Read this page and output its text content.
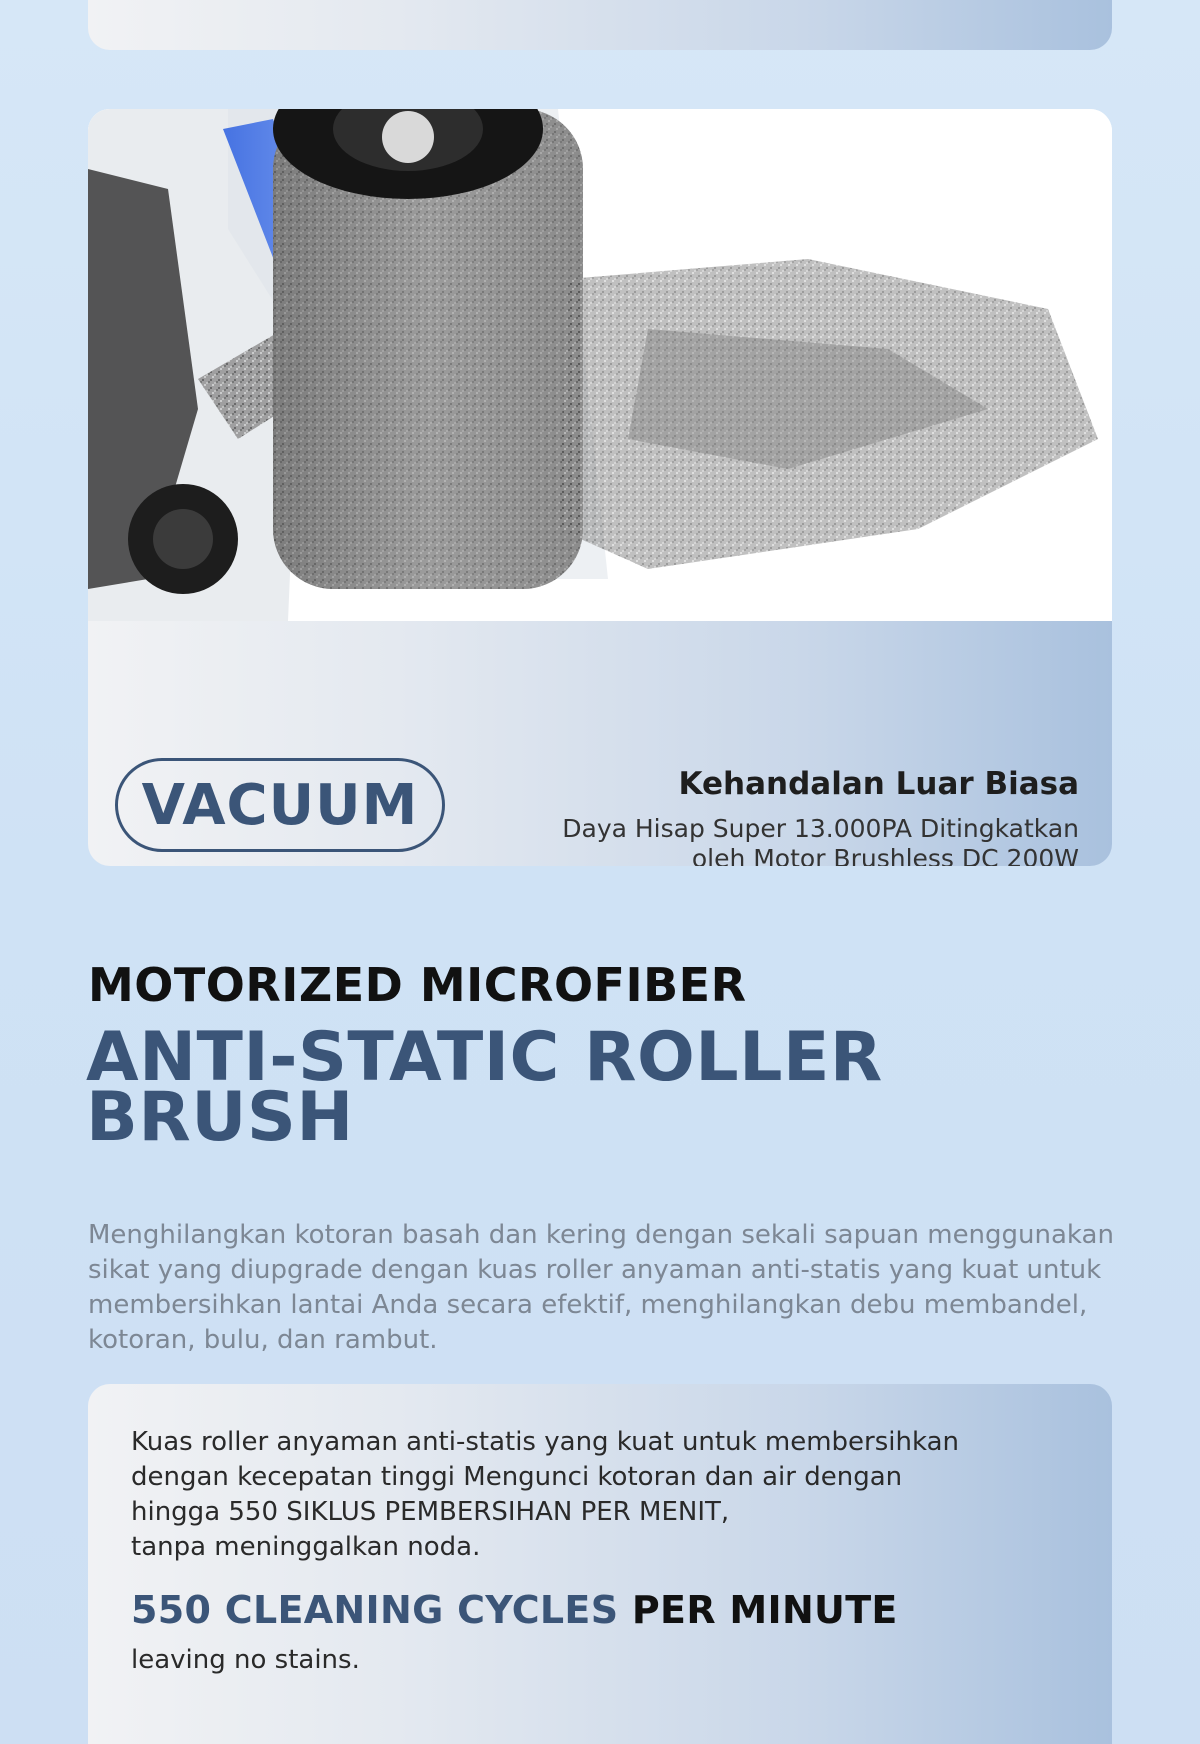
VACUUM	Kehandalan Luar Biasa
Daya Hisap Super 13.000PA Ditingkatkan
oleh Motor Brushless DC 200W
MOTORIZED MICROFIBER
ANTI-STATIC ROLLER
BRUSH
Menghilangkan kotoran basah dan kering dengan sekali sapuan menggunakan sikat yang diupgrade dengan kuas roller anyaman anti-statis yang kuat untuk membersihkan lantai Anda secara efektif, menghilangkan debu membandel, kotoran, bulu, dan rambut.
Kuas roller anyaman anti-statis yang kuat untuk membersihkan
dengan kecepatan tinggi Mengunci kotoran dan air dengan
hingga 550 SIKLUS PEMBERSIHAN PER MENIT,
tanpa meninggalkan noda.
550 CLEANING CYCLES PER MINUTE
leaving no stains.
